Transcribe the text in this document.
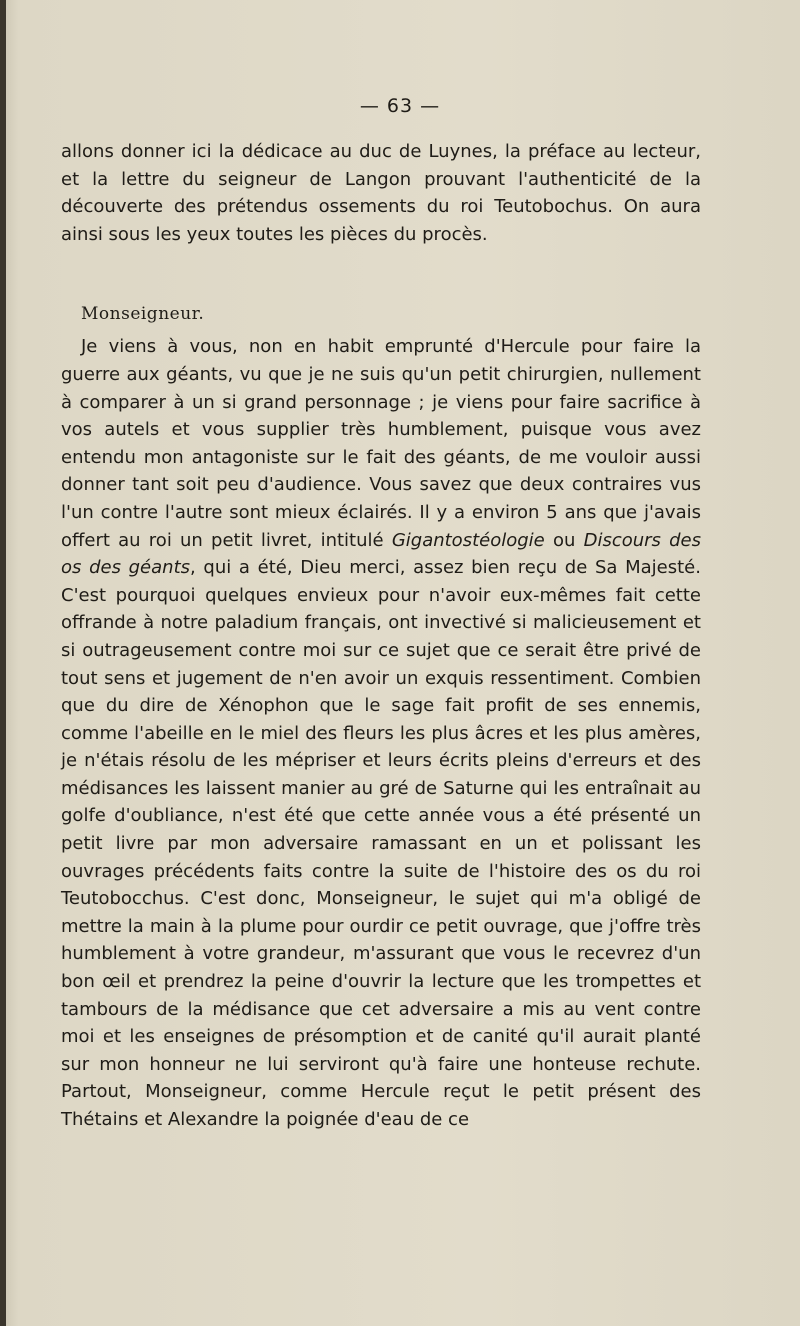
— 63 —

allons donner ici la dédicace au duc de Luynes, la préface au lecteur, et la lettre du seigneur de Langon prouvant l'authenticité de la découverte des prétendus ossements du roi Teutobochus. On aura ainsi sous les yeux toutes les pièces du procès.

Monseigneur.

Je viens à vous, non en habit emprunté d'Hercule pour faire la guerre aux géants, vu que je ne suis qu'un petit chirurgien, nullement à comparer à un si grand personnage ; je viens pour faire sacrifice à vos autels et vous supplier très humblement, puisque vous avez entendu mon antagoniste sur le fait des géants, de me vouloir aussi donner tant soit peu d'audience. Vous savez que deux contraires vus l'un contre l'autre sont mieux éclairés. Il y a environ 5 ans que j'avais offert au roi un petit livret, intitulé Gigantostéologie ou Discours des os des géants, qui a été, Dieu merci, assez bien reçu de Sa Majesté. C'est pourquoi quelques envieux pour n'avoir eux-mêmes fait cette offrande à notre paladium français, ont invectivé si malicieusement et si outrageusement contre moi sur ce sujet que ce serait être privé de tout sens et jugement de n'en avoir un exquis ressentiment. Combien que du dire de Xénophon que le sage fait profit de ses ennemis, comme l'abeille en le miel des fleurs les plus âcres et les plus amères, je n'étais résolu de les mépriser et leurs écrits pleins d'erreurs et des médisances les laissent manier au gré de Saturne qui les entraînait au golfe d'oubliance, n'est été que cette année vous a été présenté un petit livre par mon adversaire ramassant en un et polissant les ouvrages précédents faits contre la suite de l'histoire des os du roi Teutobocchus. C'est donc, Monseigneur, le sujet qui m'a obligé de mettre la main à la plume pour ourdir ce petit ouvrage, que j'offre très humblement à votre grandeur, m'assurant que vous le recevrez d'un bon œil et prendrez la peine d'ouvrir la lecture que les trompettes et tambours de la médisance que cet adversaire a mis au vent contre moi et les enseignes de présomption et de canité qu'il aurait planté sur mon honneur ne lui serviront qu'à faire une honteuse rechute. Partout, Monseigneur, comme Hercule reçut le petit présent des Thétains et Alexandre la poignée d'eau de ce
